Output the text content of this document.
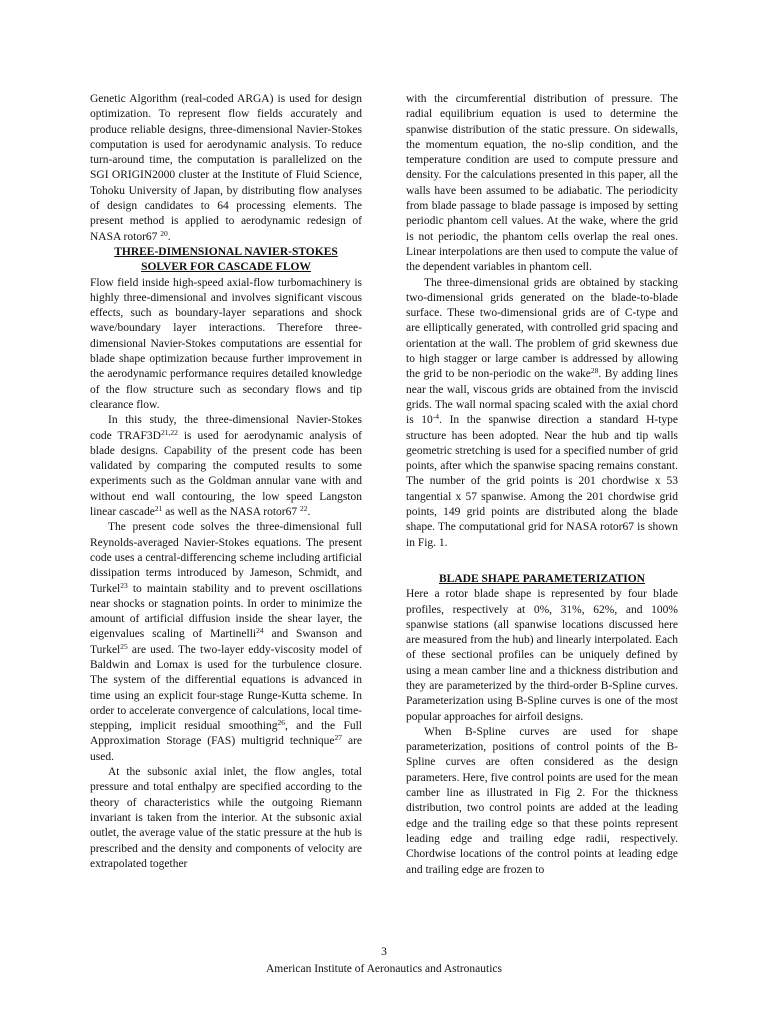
Genetic Algorithm (real-coded ARGA) is used for design optimization. To represent flow fields accurately and produce reliable designs, three-dimensional Navier-Stokes computation is used for aerodynamic analysis. To reduce turn-around time, the computation is parallelized on the SGI ORIGIN2000 cluster at the Institute of Fluid Science, Tohoku University of Japan, by distributing flow analyses of design candidates to 64 processing elements. The present method is applied to aerodynamic redesign of NASA rotor67 $^{20}$.

THREE-DIMENSIONAL NAVIER-STOKES SOLVER FOR CASCADE FLOW

Flow field inside high-speed axial-flow turbomachinery is highly three-dimensional and involves significant viscous effects, such as boundary-layer separations and shock wave/boundary layer interactions. Therefore three-dimensional Navier-Stokes computations are essential for blade shape optimization because further improvement in the aerodynamic performance requires detailed knowledge of the flow structure such as secondary flows and tip clearance flow.

In this study, the three-dimensional Navier-Stokes code $TRAF3D^{21,22}$ is used for aerodynamic analysis of blade designs. Capability of the present code has been validated by comparing the computed results to some experiments such as the Goldman annular vane with and without end wall contouring, the low speed Langston linear cascade$^{21}$ as well as the NASA rotor67 $^{22}$.

The present code solves the three-dimensional full Reynolds-averaged Navier-Stokes equations. The present code uses a central-differencing scheme including artificial dissipation terms introduced by Jameson, Schmidt, and Turkel$^{23}$ to maintain stability and to prevent oscillations near shocks or stagnation points. In order to minimize the amount of artificial diffusion inside the shear layer, the eigenvalues scaling of Martinelli$^{24}$ and Swanson and Turkel$^{25}$ are used. The two-layer eddy-viscosity model of Baldwin and Lomax is used for the turbulence closure. The system of the differential equations is advanced in time using an explicit four-stage Runge-Kutta scheme. In order to accelerate convergence of calculations, local time-stepping, implicit residual smoothing$^{26}$, and the Full Approximation Storage (FAS) multigrid technique$^{27}$ are used.

At the subsonic axial inlet, the flow angles, total pressure and total enthalpy are specified according to the theory of characteristics while the outgoing Riemann invariant is taken from the interior. At the subsonic axial outlet, the average value of the static pressure at the hub is prescribed and the density and components of velocity are extrapolated together

with the circumferential distribution of pressure. The radial equilibrium equation is used to determine the spanwise distribution of the static pressure. On sidewalls, the momentum equation, the no-slip condition, and the temperature condition are used to compute pressure and density. For the calculations presented in this paper, all the walls have been assumed to be adiabatic. The periodicity from blade passage to blade passage is imposed by setting periodic phantom cell values. At the wake, where the grid is not periodic, the phantom cells overlap the real ones. Linear interpolations are then used to compute the value of the dependent variables in phantom cell.

The three-dimensional grids are obtained by stacking two-dimensional grids generated on the blade-to-blade surface. These two-dimensional grids are of C-type and are elliptically generated, with controlled grid spacing and orientation at the wall. The problem of grid skewness due to high stagger or large camber is addressed by allowing the grid to be non-periodic on the wake$^{28}$. By adding lines near the wall, viscous grids are obtained from the inviscid grids. The wall normal spacing scaled with the axial chord is $10^{-4}$. In the spanwise direction a standard H-type structure has been adopted. Near the hub and tip walls geometric stretching is used for a specified number of grid points, after which the spanwise spacing remains constant. The number of the grid points is 201 chordwise x 53 tangential x 57 spanwise. Among the 201 chordwise grid points, 149 grid points are distributed along the blade shape. The computational grid for NASA rotor67 is shown in Fig. 1.

BLADE SHAPE PARAMETERIZATION

Here a rotor blade shape is represented by four blade profiles, respectively at 0%, 31%, 62%, and 100% spanwise stations (all spanwise locations discussed here are measured from the hub) and linearly interpolated. Each of these sectional profiles can be uniquely defined by using a mean camber line and a thickness distribution and they are parameterized by the third-order B-Spline curves. Parameterization using B-Spline curves is one of the most popular approaches for airfoil designs.

When B-Spline curves are used for shape parameterization, positions of control points of the B-Spline curves are often considered as the design parameters. Here, five control points are used for the mean camber line as illustrated in Fig 2. For the thickness distribution, two control points are added at the leading edge and the trailing edge so that these points represent leading edge and trailing edge radii, respectively. Chordwise locations of the control points at leading edge and trailing edge are frozen to

3
American Institute of Aeronautics and Astronautics
